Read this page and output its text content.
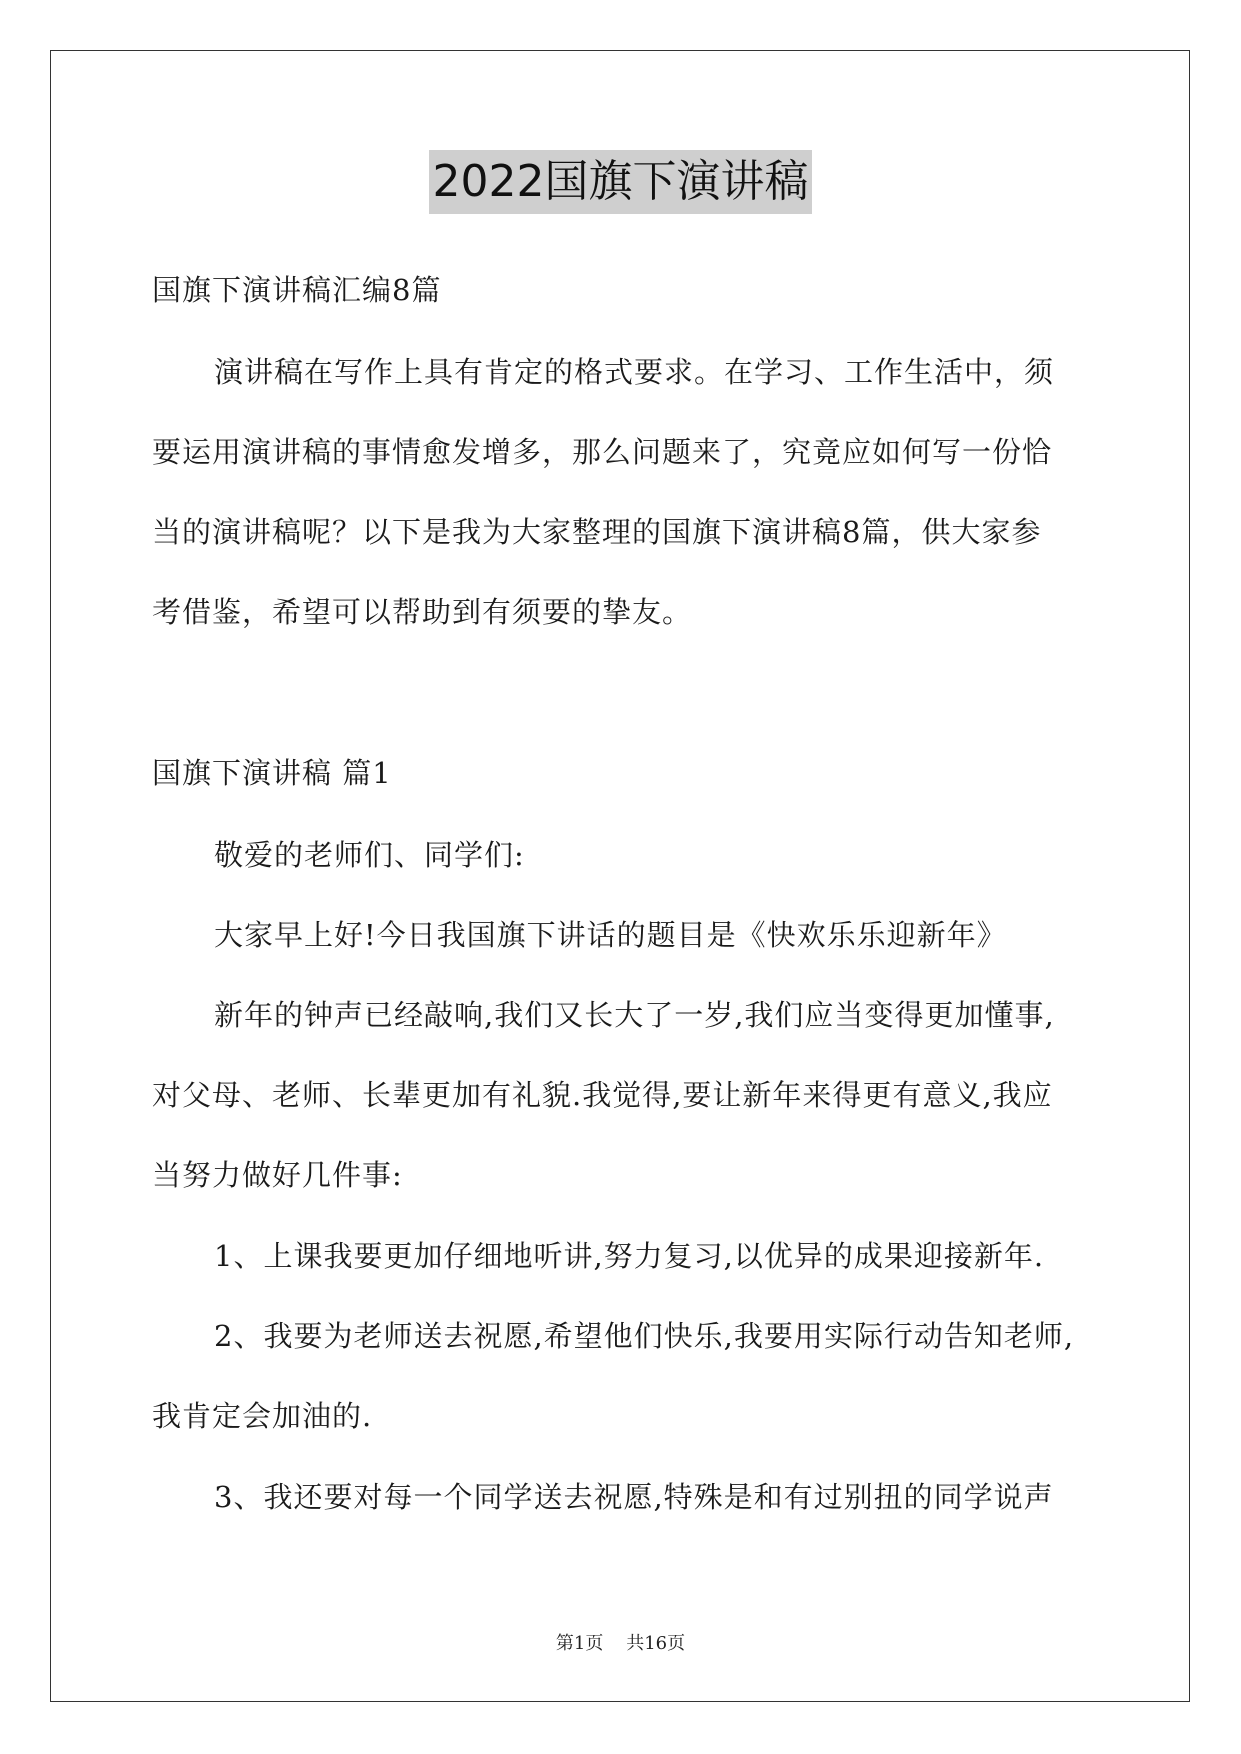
2022国旗下演讲稿
国旗下演讲稿汇编8篇
演讲稿在写作上具有肯定的格式要求。在学习、工作生活中，须
要运用演讲稿的事情愈发增多，那么问题来了，究竟应如何写一份恰
当的演讲稿呢？以下是我为大家整理的国旗下演讲稿8篇，供大家参
考借鉴，希望可以帮助到有须要的挚友。
国旗下演讲稿 篇1
敬爱的老师们、同学们:
大家早上好!今日我国旗下讲话的题目是《快欢乐乐迎新年》
新年的钟声已经敲响,我们又长大了一岁,我们应当变得更加懂事,
对父母、老师、长辈更加有礼貌.我觉得,要让新年来得更有意义,我应
当努力做好几件事:
1、上课我要更加仔细地听讲,努力复习,以优异的成果迎接新年.
2、我要为老师送去祝愿,希望他们快乐,我要用实际行动告知老师,
我肯定会加油的.
3、我还要对每一个同学送去祝愿,特殊是和有过别扭的同学说声
第1页    共16页
